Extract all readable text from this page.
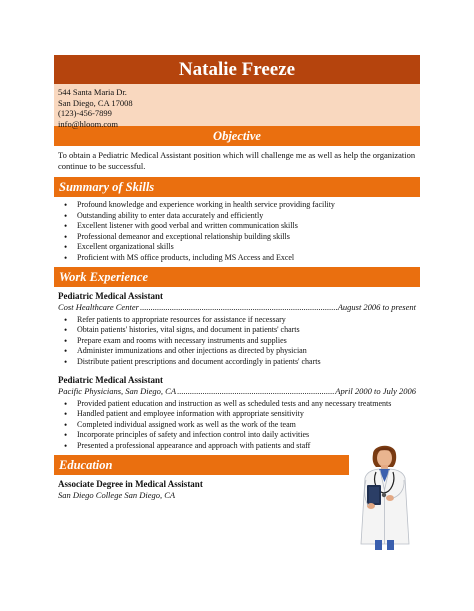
Natalie Freeze
544 Santa Maria Dr.
San Diego, CA 17008
(123)-456-7899
info@hloom.com
Objective
To obtain a Pediatric Medical Assistant position which will challenge me as well as help the organization continue to be successful.
Summary of Skills
• Profound knowledge and experience working in health service providing facility
• Outstanding ability to enter data accurately and efficiently
• Excellent listener with good verbal and written communication skills
• Professional demeanor and exceptional relationship building skills
• Excellent organizational skills
• Proficient with MS office products, including MS Access and Excel
Work Experience
Pediatric Medical Assistant
Cost Healthcare Center .....	August 2006 to present
• Refer patients to appropriate resources for assistance if necessary
• Obtain patients' histories, vital signs, and document in patients' charts
• Prepare exam and rooms with necessary instruments and supplies
• Administer immunizations and other injections as directed by physician
• Distribute patient prescriptions and document accordingly in patients' charts
Pediatric Medical Assistant
Pacific Physicians, San Diego, CA .....	April 2000 to July 2006
• Provided patient education and instruction as well as scheduled tests and any necessary treatments
• Handled patient and employee information with appropriate sensitivity
• Completed individual assigned work as well as the work of the team
• Incorporate principles of safety and infection control into daily activities
• Presented a professional appearance and approach with patients and staff
Education
Associate Degree in Medical Assistant
San Diego College San Diego, CA
